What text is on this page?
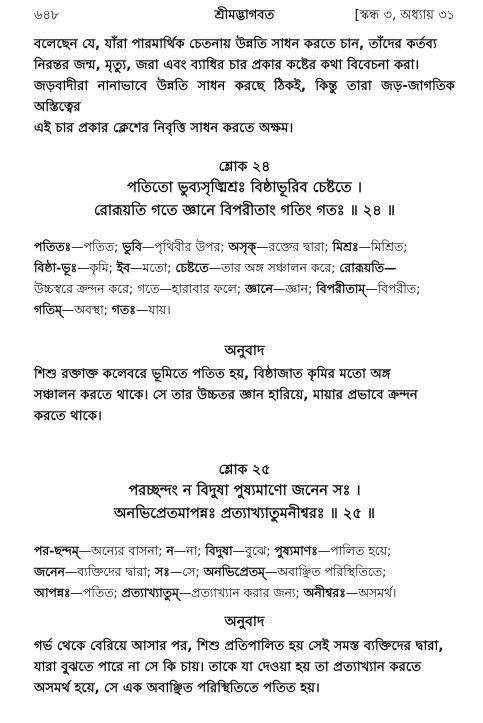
৬৪৮	শ্রীমদ্ভাগবত	[স্কন্ধ ৩, অধ্যায় ৩১

বলেছেন যে, যাঁরা পারমার্থিক চেতনায় উন্নতি সাধন করতে চান, তাঁদের কর্তব্য

নিরন্তর জন্ম, মৃত্যু, জরা এবং ব্যাধির চার প্রকার কষ্টের কথা বিবেচনা করা।

জড়বাদীরা নানাভাবে উন্নতি সাধন করছে ঠিকই, কিন্তু তারা জড়-জাগতিক অস্তিত্বের

এই চার প্রকার ক্লেশের নিবৃত্তি সাধন করতে অক্ষম।

শ্লোক ২৪

পতিতো ভুব্যসৃঙ্মিশ্রঃ বিষ্ঠাভূরিব চেষ্টতে ।

রোরূয়তি গতে জ্ঞানে বিপরীতাং গতিং গতঃ ॥ ২৪ ॥

পতিতঃ—পতিত; ভুবি—পৃথিবীর উপর; অসৃক্—রক্তের দ্বারা; মিশ্রঃ—মিশ্রিত;

বিষ্ঠা-ভূঃ—কৃমি; ইব—মতো; চেষ্টতে—তার অঙ্গ সঞ্চালন করে; রোরূয়তি—

উচ্চস্বরে ক্রন্দন করে; গতে—হারাবার ফলে; জ্ঞানে—জ্ঞান; বিপরীতাম্—বিপরীত;

গতিম্—অবস্থা; গতঃ—যায়।

অনুবাদ

শিশু রক্তাক্ত কলেবরে ভূমিতে পতিত হয়, বিষ্ঠাজাত কৃমির মতো অঙ্গ

সঞ্চালন করতে থাকে। সে তার উচ্চতর জ্ঞান হারিয়ে, মায়ার প্রভাবে ক্রন্দন

করতে থাকে।

শ্লোক ২৫

পরচ্ছন্দং ন বিদুষা পুষ্যমাণো জনেন সঃ ।

অনভিপ্রেতমাপন্নঃ প্রত্যাখ্যাতুমনীশ্বরঃ ॥ ২৫ ॥

পর-ছন্দম্—অন্যের বাসনা; ন—না; বিদুষা—বুঝে; পুষ্যমাণঃ—পালিত হয়ে;

জনেন—ব্যক্তিদের দ্বারা; সঃ—সে; অনভিপ্রেতম্—অবাঞ্ছিত পরিস্থিতিতে;

আপন্নঃ—পতিত; প্রত্যাখ্যাতুম্—প্রত্যাখ্যান করার জন্য; অনীশ্বরঃ—অসমর্থ।

অনুবাদ

গর্ভ থেকে বেরিয়ে আসার পর, শিশু প্রতিপালিত হয় সেই সমস্ত ব্যক্তিদের দ্বারা,

যারা বুঝতে পারে না সে কি চায়। তাকে যা দেওয়া হয় তা প্রত্যাখ্যান করতে

অসমর্থ হয়ে, সে এক অবাঞ্ছিত পরিস্থিতিতে পতিত হয়।
